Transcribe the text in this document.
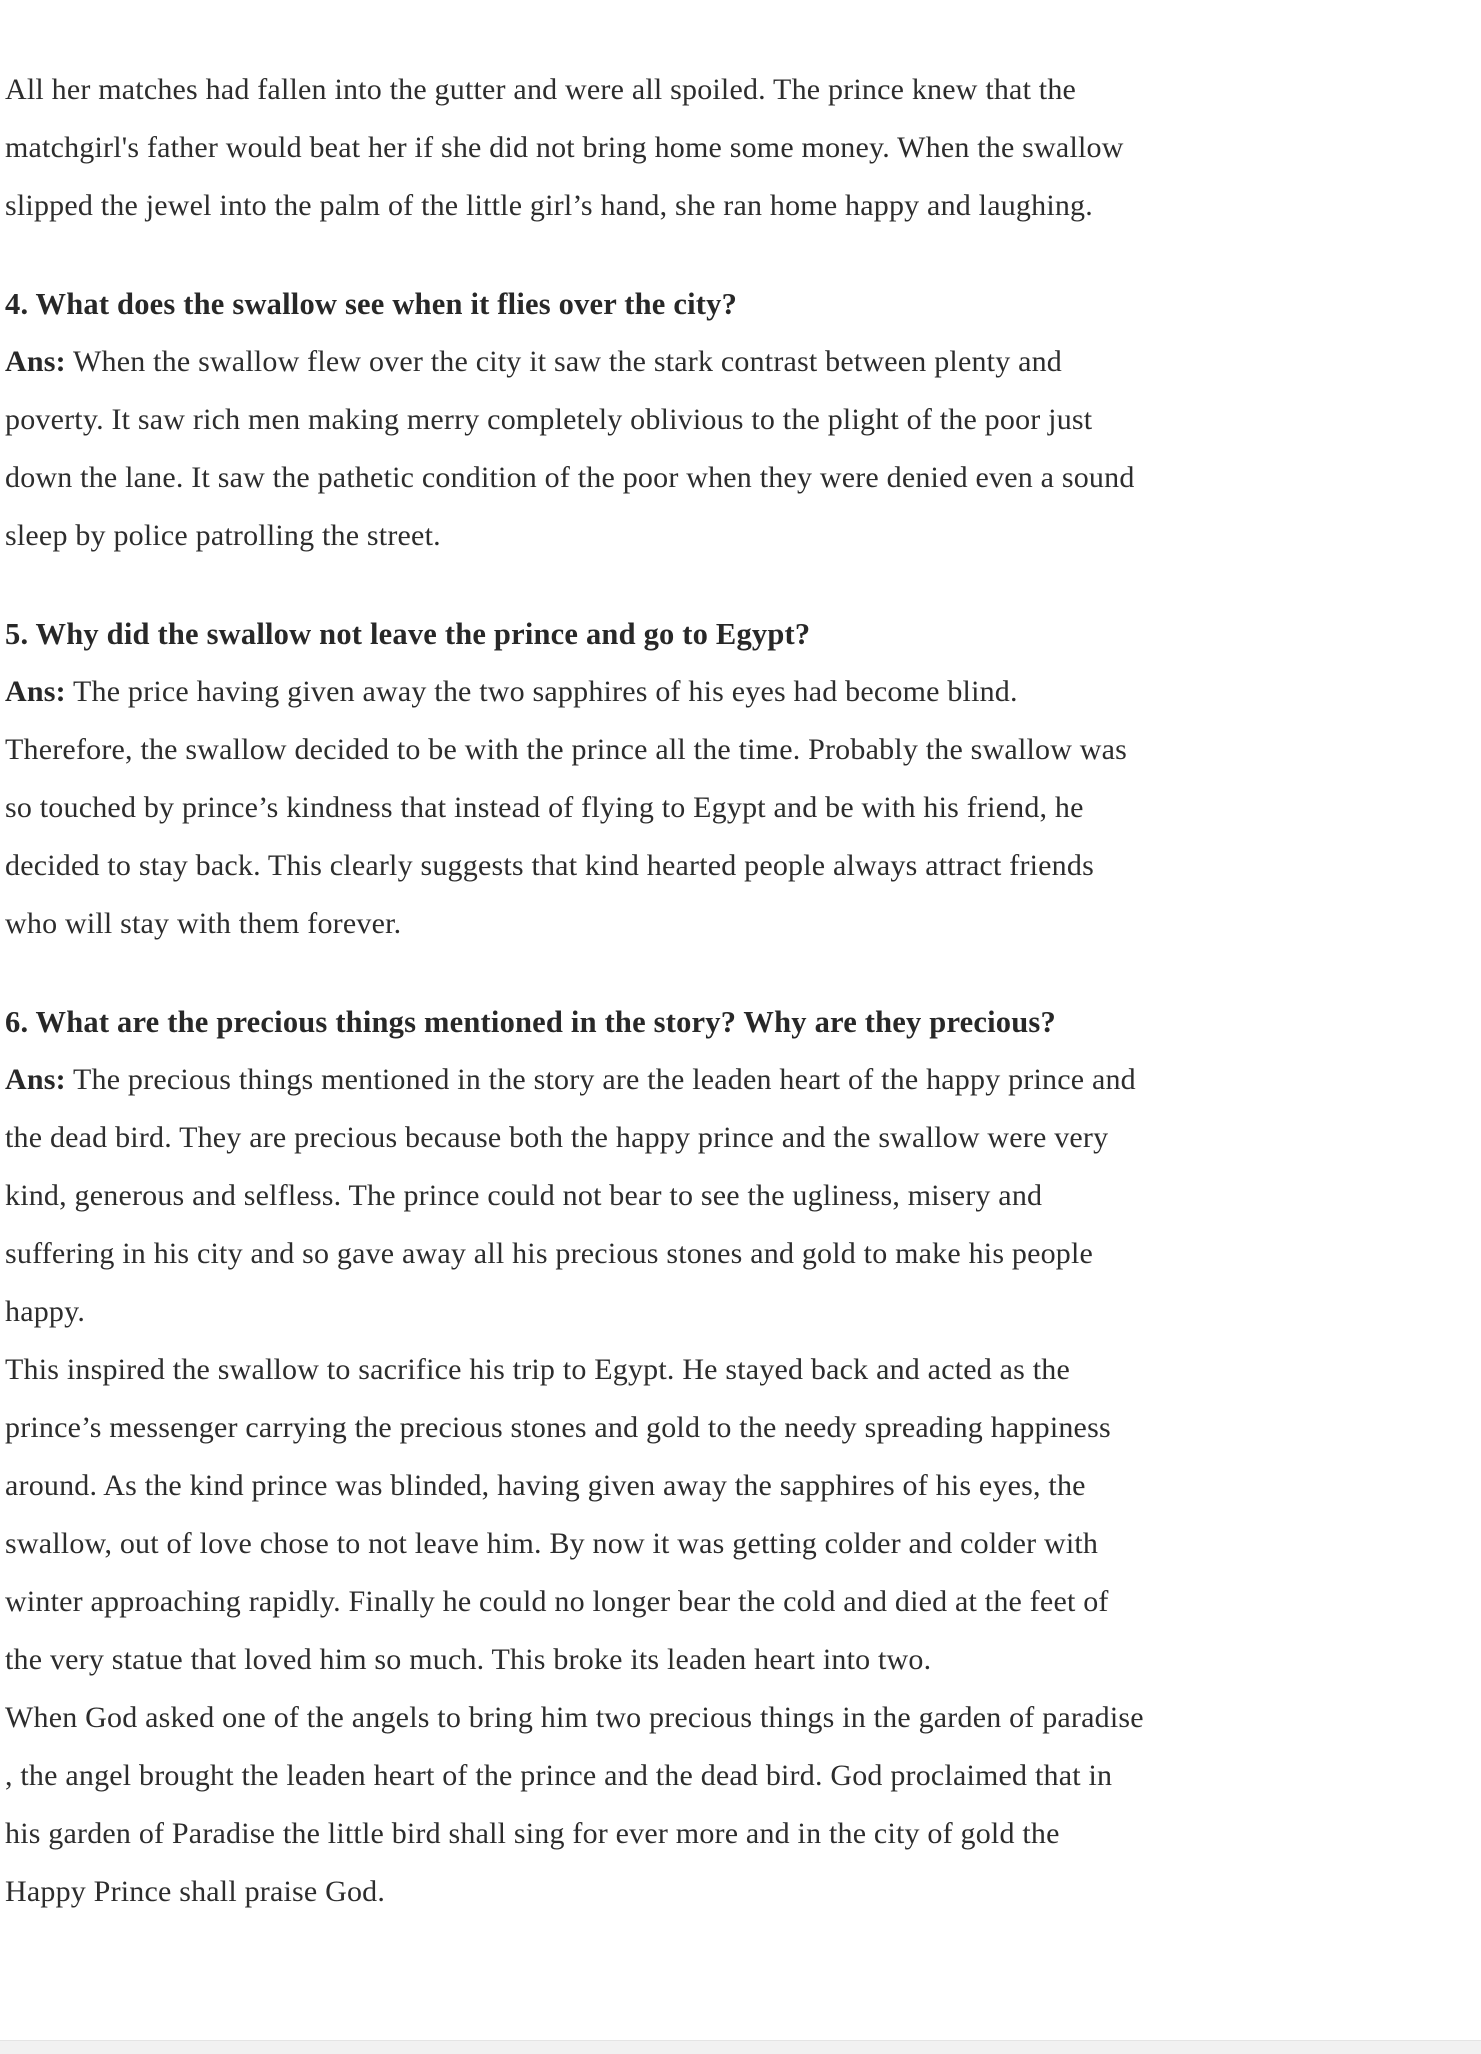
All her matches had fallen into the gutter and were all spoiled. The prince knew that the
matchgirl's father would beat her if she did not bring home some money. When the swallow
slipped the jewel into the palm of the little girl’s hand, she ran home happy and laughing.
4. What does the swallow see when it flies over the city?
Ans: When the swallow flew over the city it saw the stark contrast between plenty and
poverty. It saw rich men making merry completely oblivious to the plight of the poor just
down the lane. It saw the pathetic condition of the poor when they were denied even a sound
sleep by police patrolling the street.
5. Why did the swallow not leave the prince and go to Egypt?
Ans: The price having given away the two sapphires of his eyes had become blind.
Therefore, the swallow decided to be with the prince all the time. Probably the swallow was
so touched by prince’s kindness that instead of flying to Egypt and be with his friend, he
decided to stay back. This clearly suggests that kind hearted people always attract friends
who will stay with them forever.
6. What are the precious things mentioned in the story? Why are they precious?
Ans: The precious things mentioned in the story are the leaden heart of the happy prince and
the dead bird. They are precious because both the happy prince and the swallow were very
kind, generous and selfless. The prince could not bear to see the ugliness, misery and
suffering in his city and so gave away all his precious stones and gold to make his people
happy.
This inspired the swallow to sacrifice his trip to Egypt. He stayed back and acted as the
prince’s messenger carrying the precious stones and gold to the needy spreading happiness
around. As the kind prince was blinded, having given away the sapphires of his eyes, the
swallow, out of love chose to not leave him. By now it was getting colder and colder with
winter approaching rapidly. Finally he could no longer bear the cold and died at the feet of
the very statue that loved him so much. This broke its leaden heart into two.
When God asked one of the angels to bring him two precious things in the garden of paradise
, the angel brought the leaden heart of the prince and the dead bird. God proclaimed that in
his garden of Paradise the little bird shall sing for ever more and in the city of gold the
Happy Prince shall praise God.
